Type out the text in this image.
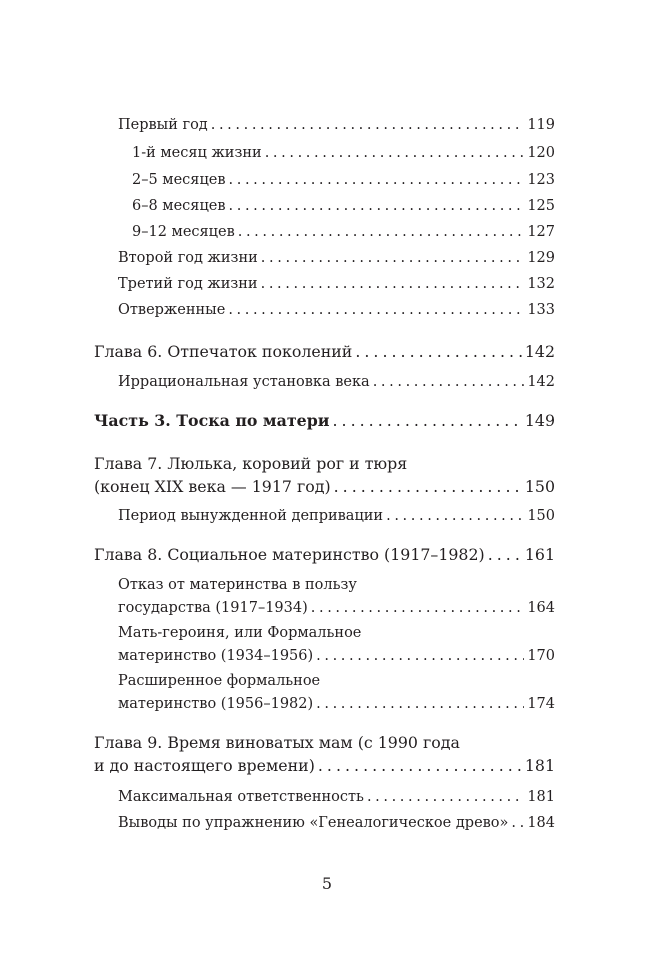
Первый год . . .	119
1-й месяц жизни . . .	120
2–5 месяцев . . .	123
6–8 месяцев . . .	125
9–12 месяцев . . .	127
Второй год жизни . . .	129
Третий год жизни . . .	132
Отверженные . . .	133
Глава 6. Отпечаток поколений . . .	142
Иррациональная установка века . . .	142
Часть 3. Тоска по матери . . .	149
Глава 7. Люлька, коровий рог и тюря
(конец XIX века — 1917 год) . . .	150
Период вынужденной депривации . . .	150
Глава 8. Социальное материнство (1917–1982) . . .	161
Отказ от материнства в пользу
государства (1917–1934) . . .	164
Мать-героиня, или Формальное
материнство (1934–1956) . . .	170
Расширенное формальное
материнство (1956–1982) . . .	174
Глава 9. Время виноватых мам (с 1990 года
и до настоящего времени) . . .	181
Максимальная ответственность . . .	181
Выводы по упражнению «Генеалогическое древо» . . . 184
5
